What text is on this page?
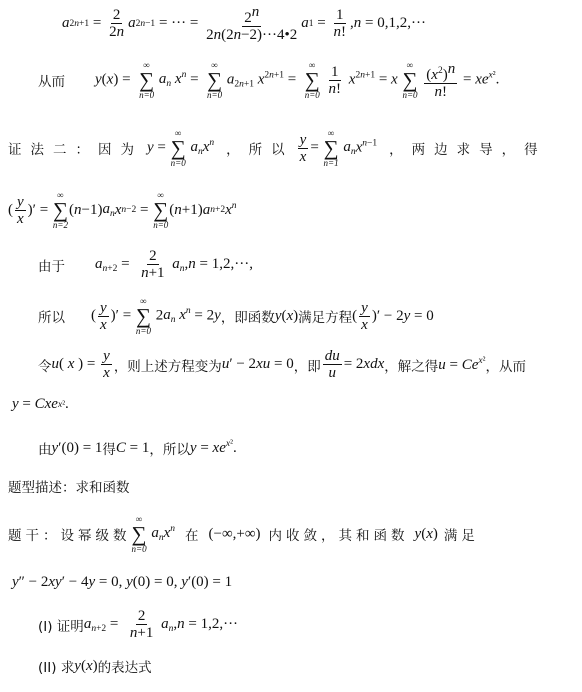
a $2n+1 = \frac{2}{2n}$ a 2n−1 = ··· = $\frac{2^n}{2n(2n-2)\cdot\cdot\cdot 4•2}$ a $1 = \frac{1}{n!}$ , n = 0,1,2,···
从而 y(x) =
∞
∑
n=0
$a_n$ $x^n$ =
∞
∑
n=0
$a_{2n+1}$ $x^{2n+1}$ =
∞
∑
n=0
$\frac{1}{n!} x^{2n+1} = x$
∞
∑
n=0
$\frac{(x^2)^n}{n!} = xe^{x^2}$.
证法二：因为 y =
∞
∑
n=0
$a_nx^n$ ，所以 $\frac{y}{x}$ =
∞
∑
n=1
$a_nx^{n-1}$ ，两边求导，得
( $\frac{y}{x}$ )′ =
∞
∑
n=2
( n −1) $a_n$ x n−2 =
∞
∑
n=0
( n +1) a n+2 $x^n$
由于 $a_{n+2} = \frac{2}{n+1} a_n,n = 1,2,\cdot\cdot\cdot$,
所以 ( $\frac{y}{x}$ )′ =
∞
∑
n=0
$2a_n$ $x^n = 2y$ ，即函数 y(x) 满足方程 ( $\frac{y}{x}$ )′ − 2y = 0
令 u( x ) = $\frac{y}{x}$ ，则上述方程变为 u′ − 2xu = 0 ，即 $\frac{du}{u} = 2xdx$ ，解之得 $u = Ce^{x^2}$ ，从而
y = Cxe x² .
由 y′(0) = 1 得 C = 1 ，所以 $y = xe^{x^2}$.
题型描述：求和函数
题干：设幂级数
∞
∑
n=0
$a_nx^n$ 在 (−∞,+∞) 内收敛，其和函数 y(x) 满足
y ″ − 2 xy ′ − 4 y = 0, y (0) = 0, y ′(0) = 1
(I) 证明 $a_{n+2} = \frac{2}{n+1} a_n,n = 1,2,\cdot\cdot\cdot$
(II) 求 y(x) 的表达式
